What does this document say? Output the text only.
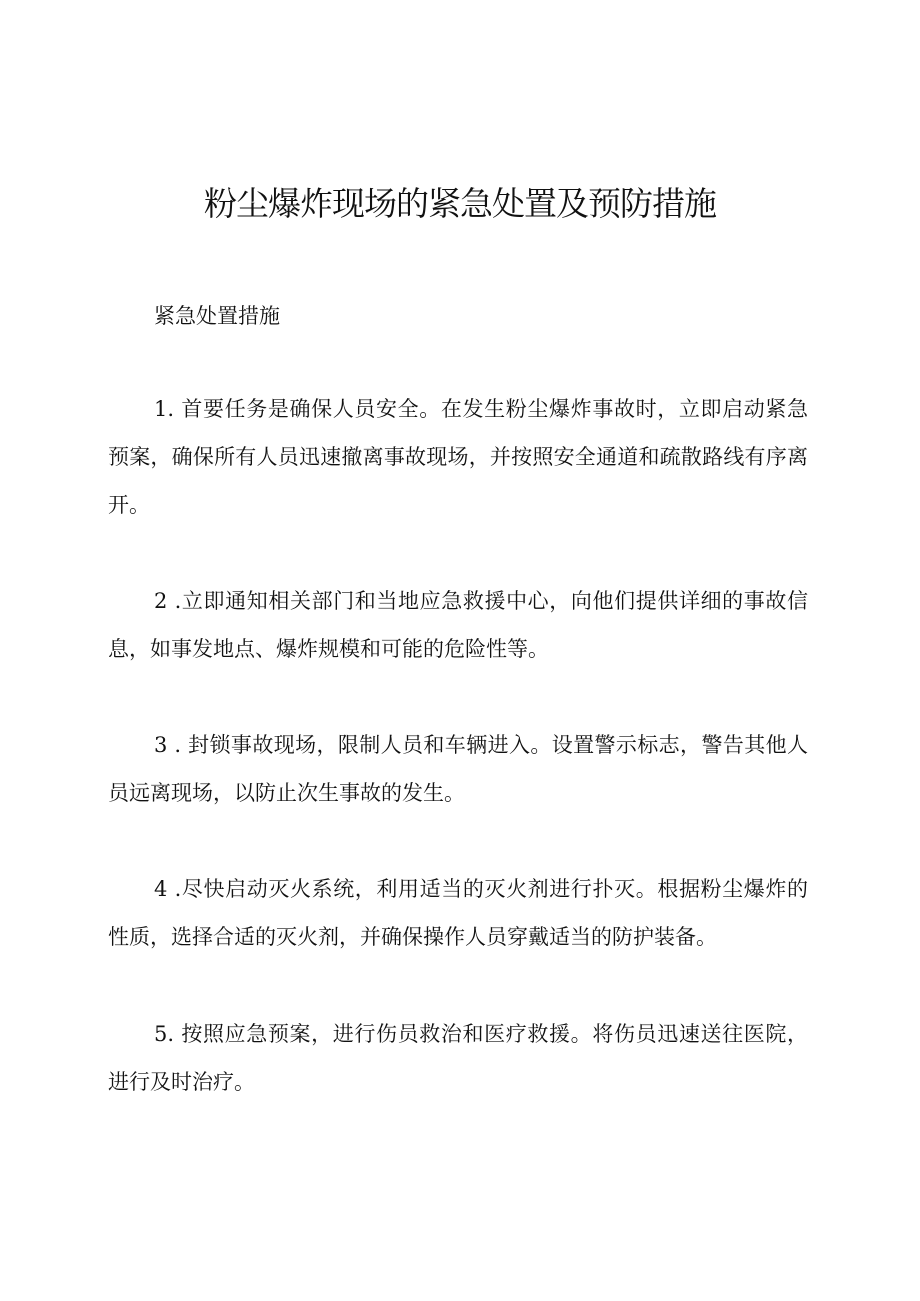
粉尘爆炸现场的紧急处置及预防措施

紧急处置措施

1. 首要任务是确保人员安全。在发生粉尘爆炸事故时，立即启动紧急预案，确保所有人员迅速撤离事故现场，并按照安全通道和疏散路线有序离开。

2 .立即通知相关部门和当地应急救援中心，向他们提供详细的事故信息，如事发地点、爆炸规模和可能的危险性等。

3 . 封锁事故现场，限制人员和车辆进入。设置警示标志，警告其他人员远离现场，以防止次生事故的发生。

4 .尽快启动灭火系统，利用适当的灭火剂进行扑灭。根据粉尘爆炸的性质，选择合适的灭火剂，并确保操作人员穿戴适当的防护装备。

5. 按照应急预案，进行伤员救治和医疗救援。将伤员迅速送往医院，进行及时治疗。
